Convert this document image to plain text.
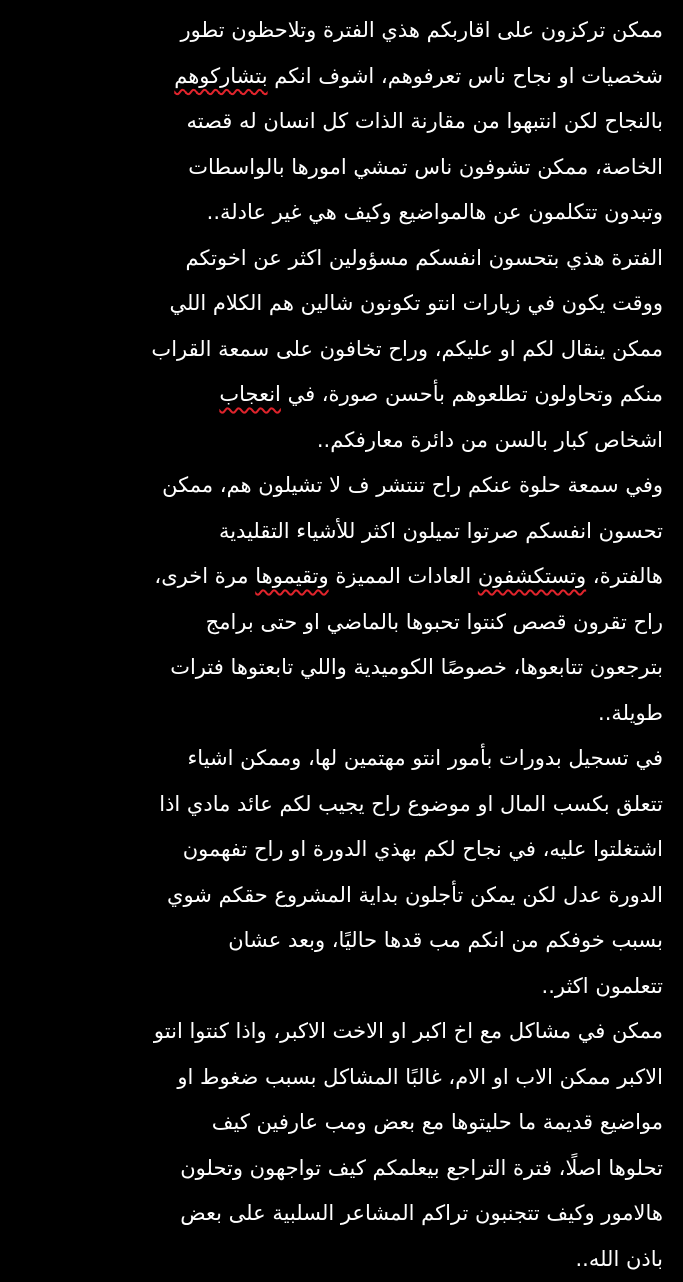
ممكن تركزون على اقاربكم هذي الفترة وتلاحظون تطور
شخصيات او نجاح ناس تعرفوهم، اشوف انكم بتشاركوهم
بالنجاح لكن انتبهوا من مقارنة الذات كل انسان له قصته
الخاصة، ممكن تشوفون ناس تمشي امورها بالواسطات
وتبدون تتكلمون عن هالمواضيع وكيف هي غير عادلة..
الفترة هذي بتحسون انفسكم مسؤولين اكثر عن اخوتكم
ووقت يكون في زيارات انتو تكونون شالين هم الكلام اللي
ممكن ينقال لكم او عليكم، وراح تخافون على سمعة القراب
منكم وتحاولون تطلعوهم بأحسن صورة، في انعجاب
اشخاص كبار بالسن من دائرة معارفكم..
وفي سمعة حلوة عنكم راح تنتشر ف لا تشيلون هم، ممكن
تحسون انفسكم صرتوا تميلون اكثر للأشياء التقليدية
هالفترة، وتستكشفون العادات المميزة وتقيموها مرة اخرى،
راح تقرون قصص كنتوا تحبوها بالماضي او حتى برامج
بترجعون تتابعوها، خصوصًا الكوميدية واللي تابعتوها فترات
طويلة..
في تسجيل بدورات بأمور انتو مهتمين لها، وممكن اشياء
تتعلق بكسب المال او موضوع راح يجيب لكم عائد مادي اذا
اشتغلتوا عليه، في نجاح لكم بهذي الدورة او راح تفهمون
الدورة عدل لكن يمكن تأجلون بداية المشروع حقكم شوي
بسبب خوفكم من انكم مب قدها حاليًا، وبعد عشان
تتعلمون اكثر..
ممكن في مشاكل مع اخ اكبر او الاخت الاكبر، واذا كنتوا انتو
الاكبر ممكن الاب او الام، غالبًا المشاكل بسبب ضغوط او
مواضيع قديمة ما حليتوها مع بعض ومب عارفين كيف
تحلوها اصلًا، فترة التراجع بيعلمكم كيف تواجهون وتحلون
هالامور وكيف تتجنبون تراكم المشاعر السلبية على بعض
باذن الله..
